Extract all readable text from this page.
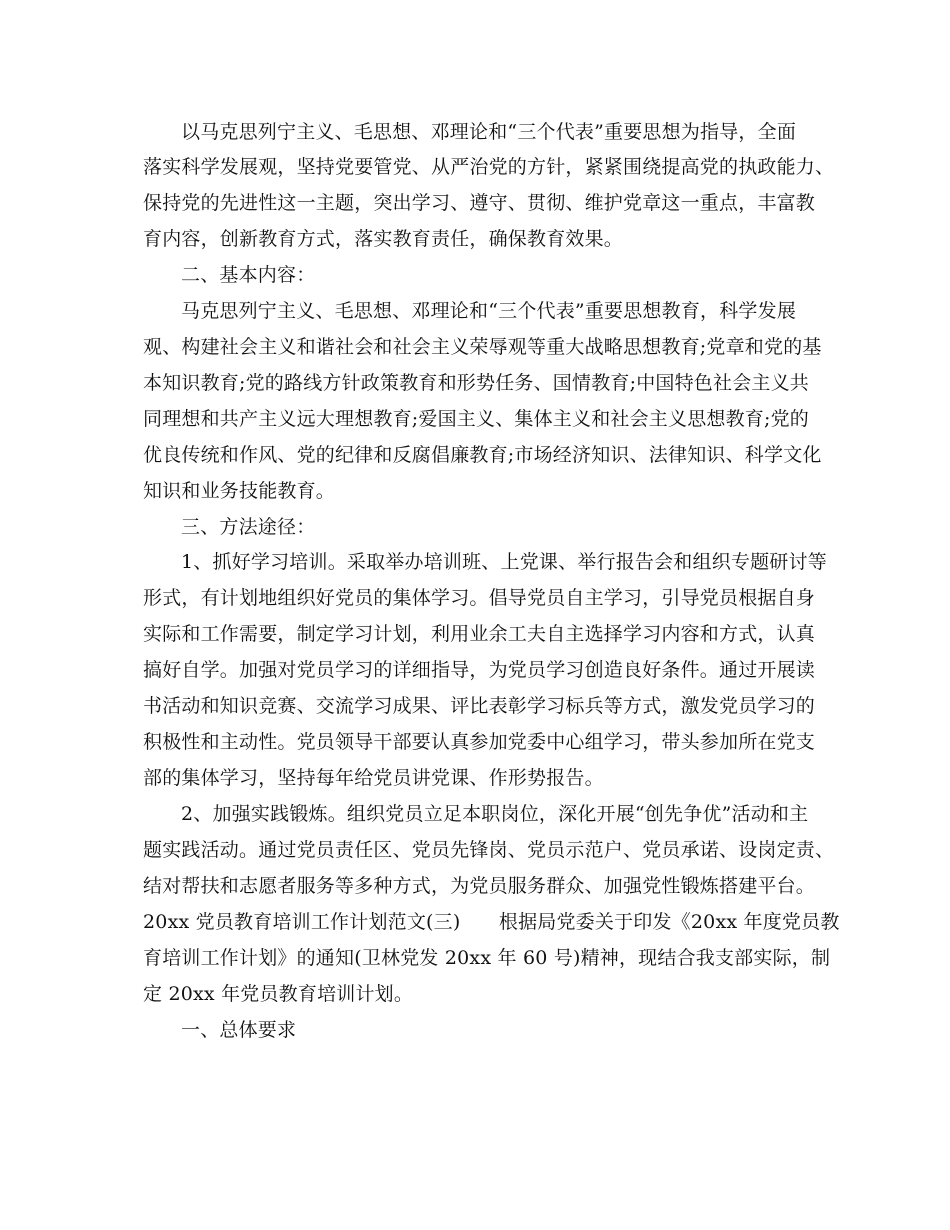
以马克思列宁主义、毛思想、邓理论和“三个代表”重要思想为指导，全面
落实科学发展观，坚持党要管党、从严治党的方针，紧紧围绕提高党的执政能力、
保持党的先进性这一主题，突出学习、遵守、贯彻、维护党章这一重点，丰富教
育内容，创新教育方式，落实教育责任，确保教育效果。
二、基本内容：
马克思列宁主义、毛思想、邓理论和“三个代表”重要思想教育，科学发展
观、构建社会主义和谐社会和社会主义荣辱观等重大战略思想教育;党章和党的基
本知识教育;党的路线方针政策教育和形势任务、国情教育;中国特色社会主义共
同理想和共产主义远大理想教育;爱国主义、集体主义和社会主义思想教育;党的
优良传统和作风、党的纪律和反腐倡廉教育;市场经济知识、法律知识、科学文化
知识和业务技能教育。
三、方法途径：
1、抓好学习培训。采取举办培训班、上党课、举行报告会和组织专题研讨等
形式，有计划地组织好党员的集体学习。倡导党员自主学习，引导党员根据自身
实际和工作需要，制定学习计划，利用业余工夫自主选择学习内容和方式，认真
搞好自学。加强对党员学习的详细指导，为党员学习创造良好条件。通过开展读
书活动和知识竞赛、交流学习成果、评比表彰学习标兵等方式，激发党员学习的
积极性和主动性。党员领导干部要认真参加党委中心组学习，带头参加所在党支
部的集体学习，坚持每年给党员讲党课、作形势报告。
2、加强实践锻炼。组织党员立足本职岗位，深化开展“创先争优”活动和主
题实践活动。通过党员责任区、党员先锋岗、党员示范户、党员承诺、设岗定责、
结对帮扶和志愿者服务等多种方式，为党员服务群众、加强党性锻炼搭建平台。
20xx 党员教育培训工作计划范文(三)　　根据局党委关于印发《20xx 年度党员教
育培训工作计划》的通知(卫林党发 20xx 年 60 号)精神，现结合我支部实际，制
定 20xx 年党员教育培训计划。
一、总体要求
